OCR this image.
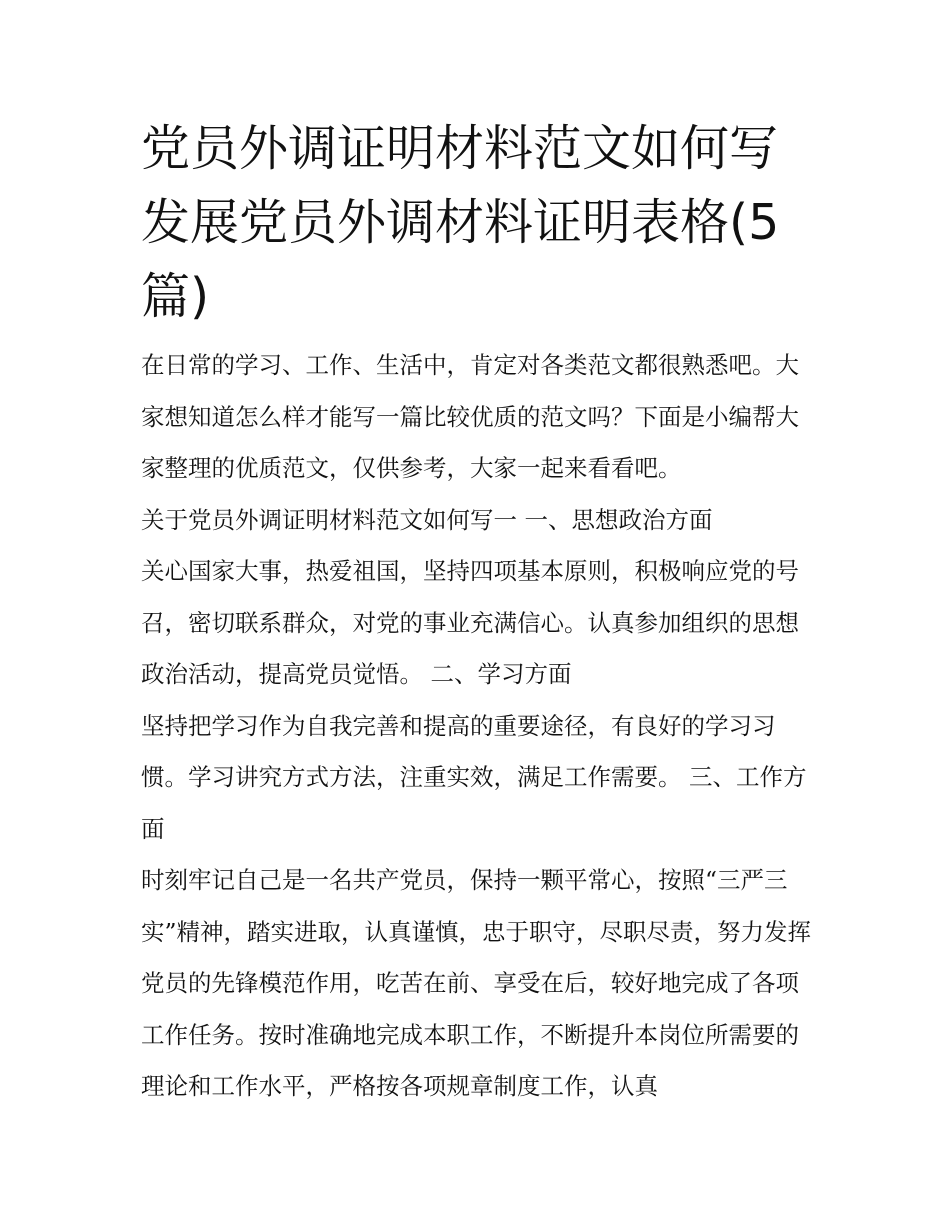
党员外调证明材料范文如何写 发展党员外调材料证明表格(5篇)

在日常的学习、工作、生活中，肯定对各类范文都很熟悉吧。大家想知道怎么样才能写一篇比较优质的范文吗？下面是小编帮大家整理的优质范文，仅供参考，大家一起来看看吧。

关于党员外调证明材料范文如何写一 一、思想政治方面

关心国家大事，热爱祖国，坚持四项基本原则，积极响应党的号召，密切联系群众，对党的事业充满信心。认真参加组织的思想政治活动，提高党员觉悟。 二、学习方面

坚持把学习作为自我完善和提高的重要途径，有良好的学习习惯。学习讲究方式方法，注重实效，满足工作需要。 三、工作方面

时刻牢记自己是一名共产党员，保持一颗平常心，按照“三严三实”精神，踏实进取，认真谨慎，忠于职守，尽职尽责，努力发挥党员的先锋模范作用，吃苦在前、享受在后，较好地完成了各项工作任务。按时准确地完成本职工作，不断提升本岗位所需要的理论和工作水平，严格按各项规章制度工作，认真
